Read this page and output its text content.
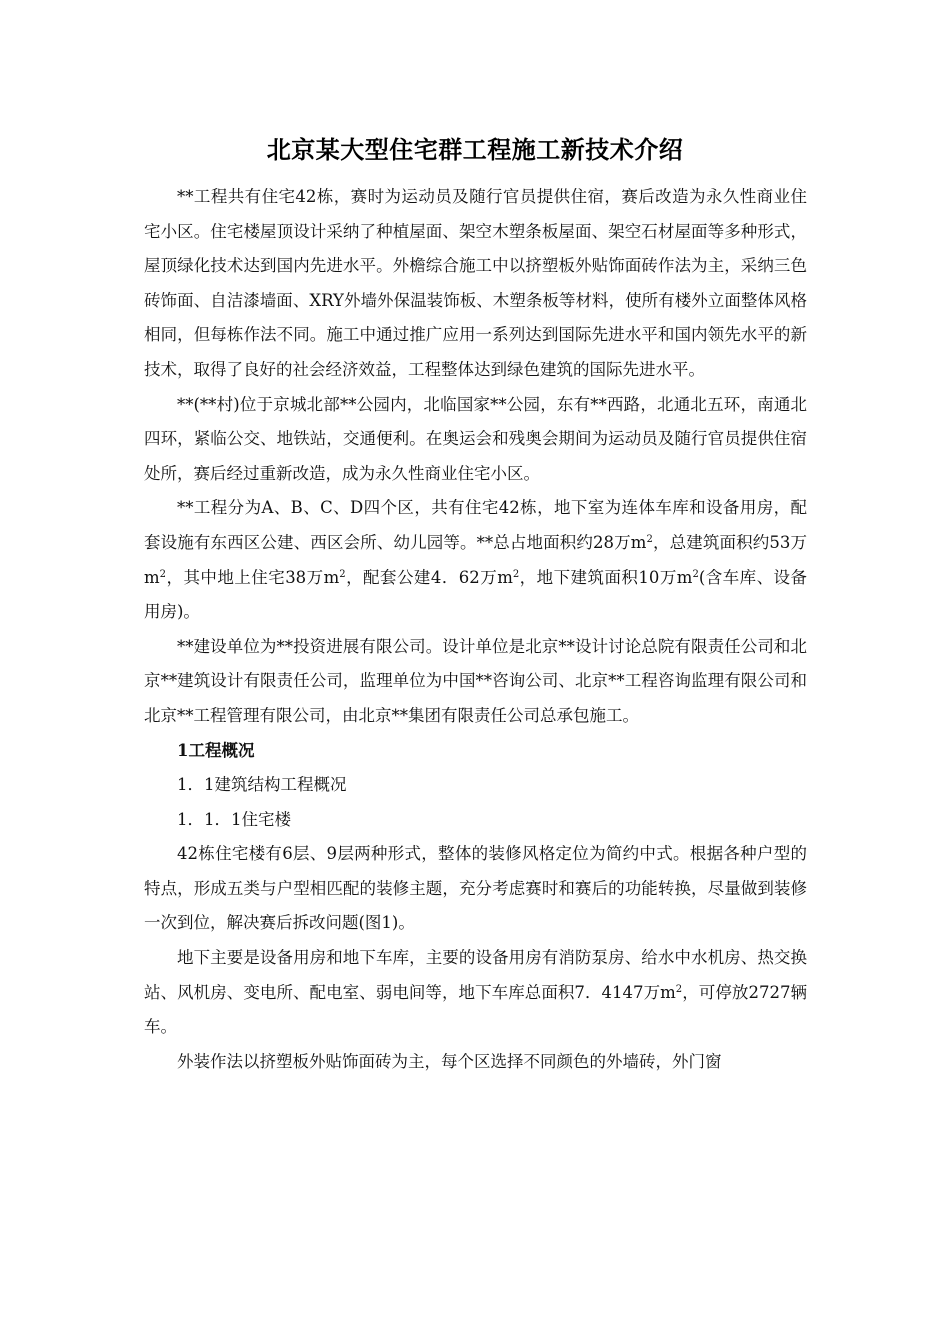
北京某大型住宅群工程施工新技术介绍

**工程共有住宅42栋，赛时为运动员及随行官员提供住宿，赛后改造为永久性商业住宅小区。住宅楼屋顶设计采纳了种植屋面、架空木塑条板屋面、架空石材屋面等多种形式，屋顶绿化技术达到国内先进水平。外檐综合施工中以挤塑板外贴饰面砖作法为主，采纳三色砖饰面、自洁漆墙面、XRY外墙外保温装饰板、木塑条板等材料，使所有楼外立面整体风格相同，但每栋作法不同。施工中通过推广应用一系列达到国际先进水平和国内领先水平的新技术，取得了良好的社会经济效益，工程整体达到绿色建筑的国际先进水平。

**(**村)位于京城北部**公园内，北临国家**公园，东有**西路，北通北五环，南通北四环，紧临公交、地铁站，交通便利。在奥运会和残奥会期间为运动员及随行官员提供住宿处所，赛后经过重新改造，成为永久性商业住宅小区。

**工程分为A、B、C、D四个区，共有住宅42栋，地下室为连体车库和设备用房，配套设施有东西区公建、西区会所、幼儿园等。**总占地面积约28万$m^2$，总建筑面积约53万$m^2$，其中地上住宅38万$m^2$，配套公建4．62万$m^2$，地下建筑面积10万$m^2$(含车库、设备用房)。

**建设单位为**投资进展有限公司。设计单位是北京**设计讨论总院有限责任公司和北京**建筑设计有限责任公司，监理单位为中国**咨询公司、北京**工程咨询监理有限公司和北京**工程管理有限公司，由北京**集团有限责任公司总承包施工。

1工程概况

1．1建筑结构工程概况

1．1．1住宅楼

42栋住宅楼有6层、9层两种形式，整体的装修风格定位为简约中式。根据各种户型的特点，形成五类与户型相匹配的装修主题，充分考虑赛时和赛后的功能转换，尽量做到装修一次到位，解决赛后拆改问题(图1)。

地下主要是设备用房和地下车库，主要的设备用房有消防泵房、给水中水机房、热交换站、风机房、变电所、配电室、弱电间等，地下车库总面积7．4147万$m^2$，可停放2727辆车。

外装作法以挤塑板外贴饰面砖为主，每个区选择不同颜色的外墙砖，外门窗
